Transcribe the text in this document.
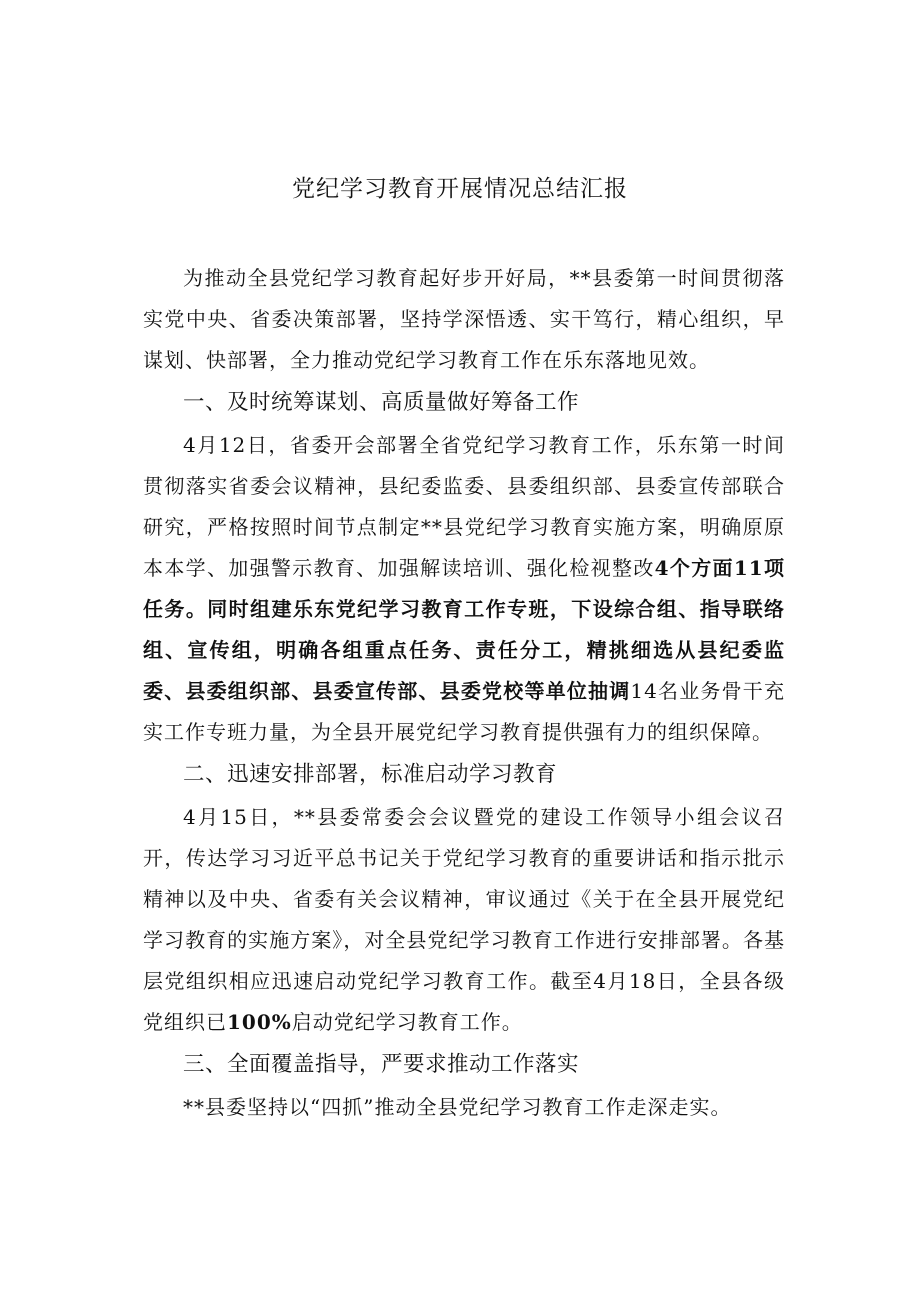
党纪学习教育开展情况总结汇报

为推动全县党纪学习教育起好步开好局，**县委第一时间贯彻落实党中央、省委决策部署，坚持学深悟透、实干笃行，精心组织，早谋划、快部署，全力推动党纪学习教育工作在乐东落地见效。

一、及时统筹谋划、高质量做好筹备工作

4月12日，省委开会部署全省党纪学习教育工作，乐东第一时间贯彻落实省委会议精神，县纪委监委、县委组织部、县委宣传部联合研究，严格按照时间节点制定**县党纪学习教育实施方案，明确原原本本学、加强警示教育、加强解读培训、强化检视整改4个方面11项任务。同时组建乐东党纪学习教育工作专班，下设综合组、指导联络组、宣传组，明确各组重点任务、责任分工，精挑细选从县纪委监委、县委组织部、县委宣传部、县委党校等单位抽调14名业务骨干充实工作专班力量，为全县开展党纪学习教育提供强有力的组织保障。

二、迅速安排部署，标准启动学习教育

4月15日，**县委常委会会议暨党的建设工作领导小组会议召开，传达学习习近平总书记关于党纪学习教育的重要讲话和指示批示精神以及中央、省委有关会议精神，审议通过《关于在全县开展党纪学习教育的实施方案》，对全县党纪学习教育工作进行安排部署。各基层党组织相应迅速启动党纪学习教育工作。截至4月18日，全县各级党组织已100%启动党纪学习教育工作。

三、全面覆盖指导，严要求推动工作落实

**县委坚持以“四抓”推动全县党纪学习教育工作走深走实。
